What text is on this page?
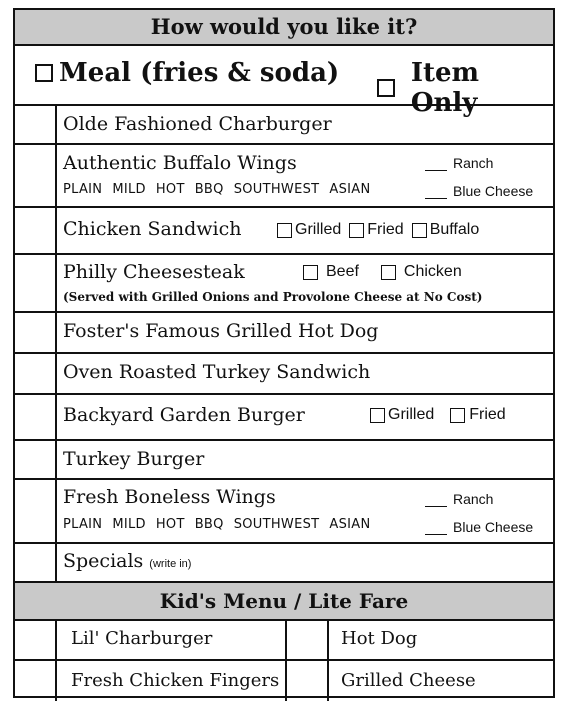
How would you like it?
Meal (fries & soda)	Item Only
Olde Fashioned Charburger
Authentic Buffalo Wings
PLAIN MILD HOT BBQ SOUTHWEST ASIAN
Ranch
Blue Cheese
Chicken Sandwich	Grilled Fried Buffalo
Philly Cheesesteak	Beef	Chicken
(Served with Grilled Onions and Provolone Cheese at No Cost)
Foster's Famous Grilled Hot Dog
Oven Roasted Turkey Sandwich
Backyard Garden Burger	Grilled Fried
Turkey Burger
Fresh Boneless Wings
PLAIN MILD HOT BBQ SOUTHWEST ASIAN
Ranch
Blue Cheese
Specials (write in)
Kid's Menu / Lite Fare
Lil' Charburger	Hot Dog
Fresh Chicken Fingers	Grilled Cheese
